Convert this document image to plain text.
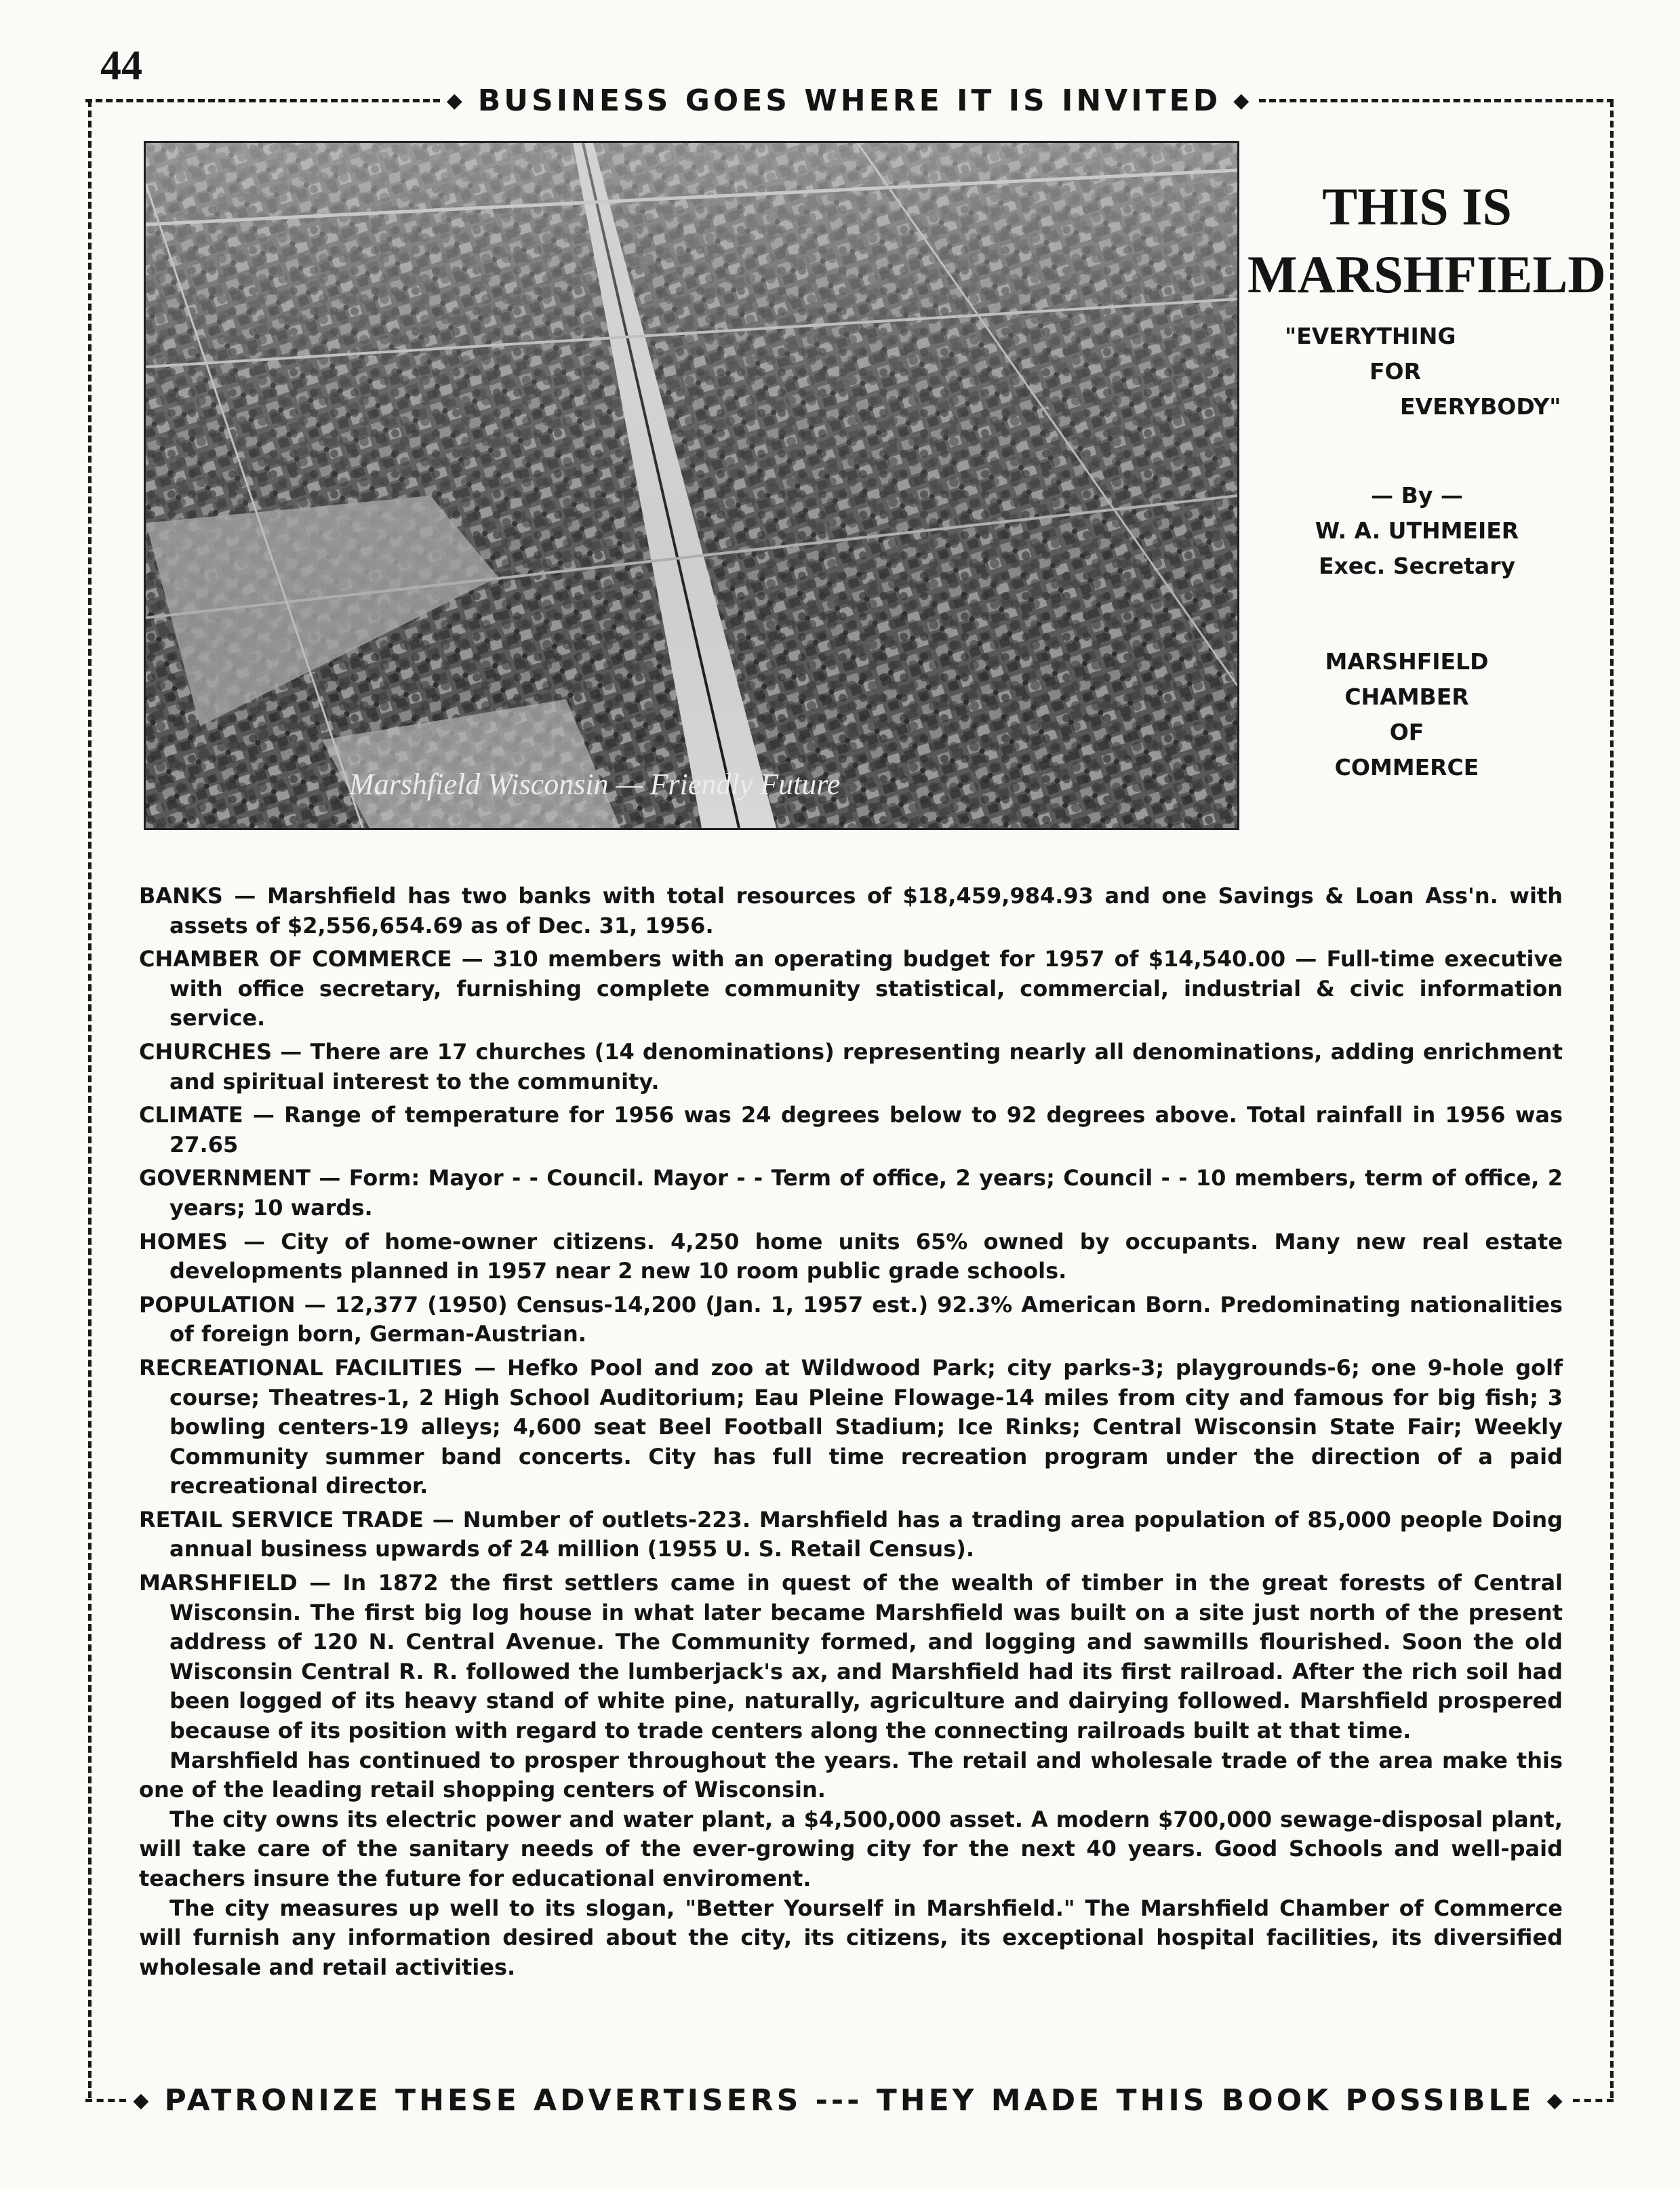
44
◆ BUSINESS GOES WHERE IT IS INVITED ◆
Marshfield Wisconsin — Friendly Future
THIS IS
MARSHFIELD
"EVERYTHING
FOR
EVERYBODY"
— By —
W. A. UTHMEIER
Exec. Secretary
MARSHFIELD
CHAMBER
OF
COMMERCE

BANKS — Marshfield has two banks with total resources of $18,459,984.93 and one Savings & Loan Ass'n. with assets of $2,556,654.69 as of Dec. 31, 1956.

CHAMBER OF COMMERCE — 310 members with an operating budget for 1957 of $14,540.00 — Full-time executive with office secretary, furnishing complete community statistical, commercial, industrial & civic information service.

CHURCHES — There are 17 churches (14 denominations) representing nearly all denominations, adding enrichment and spiritual interest to the community.

CLIMATE — Range of temperature for 1956 was 24 degrees below to 92 degrees above. Total rainfall in 1956 was 27.65

GOVERNMENT — Form: Mayor - - Council. Mayor - - Term of office, 2 years; Council - - 10 members, term of office, 2 years; 10 wards.

HOMES — City of home-owner citizens. 4,250 home units 65% owned by occupants. Many new real estate developments planned in 1957 near 2 new 10 room public grade schools.

POPULATION — 12,377 (1950) Census-14,200 (Jan. 1, 1957 est.) 92.3% American Born. Predominating nationalities of foreign born, German-Austrian.

RECREATIONAL FACILITIES — Hefko Pool and zoo at Wildwood Park; city parks-3; playgrounds-6; one 9-hole golf course; Theatres-1, 2 High School Auditorium; Eau Pleine Flowage-14 miles from city and famous for big fish; 3 bowling centers-19 alleys; 4,600 seat Beel Football Stadium; Ice Rinks; Central Wisconsin State Fair; Weekly Community summer band concerts. City has full time recreation program under the direction of a paid recreational director.

RETAIL SERVICE TRADE — Number of outlets-223. Marshfield has a trading area population of 85,000 people Doing annual business upwards of 24 million (1955 U. S. Retail Census).

MARSHFIELD — In 1872 the first settlers came in quest of the wealth of timber in the great forests of Central Wisconsin. The first big log house in what later became Marshfield was built on a site just north of the present address of 120 N. Central Avenue. The Community formed, and logging and sawmills flourished. Soon the old Wisconsin Central R. R. followed the lumberjack's ax, and Marshfield had its first railroad. After the rich soil had been logged of its heavy stand of white pine, naturally, agriculture and dairying followed. Marshfield prospered because of its position with regard to trade centers along the connecting railroads built at that time.

Marshfield has continued to prosper throughout the years. The retail and wholesale trade of the area make this one of the leading retail shopping centers of Wisconsin.

The city owns its electric power and water plant, a $4,500,000 asset. A modern $700,000 sewage-disposal plant, will take care of the sanitary needs of the ever-growing city for the next 40 years. Good Schools and well-paid teachers insure the future for educational enviroment.

The city measures up well to its slogan, "Better Yourself in Marshfield." The Marshfield Chamber of Commerce will furnish any information desired about the city, its citizens, its exceptional hospital facilities, its diversified wholesale and retail activities.

◆ PATRONIZE THESE ADVERTISERS --- THEY MADE THIS BOOK POSSIBLE ◆
